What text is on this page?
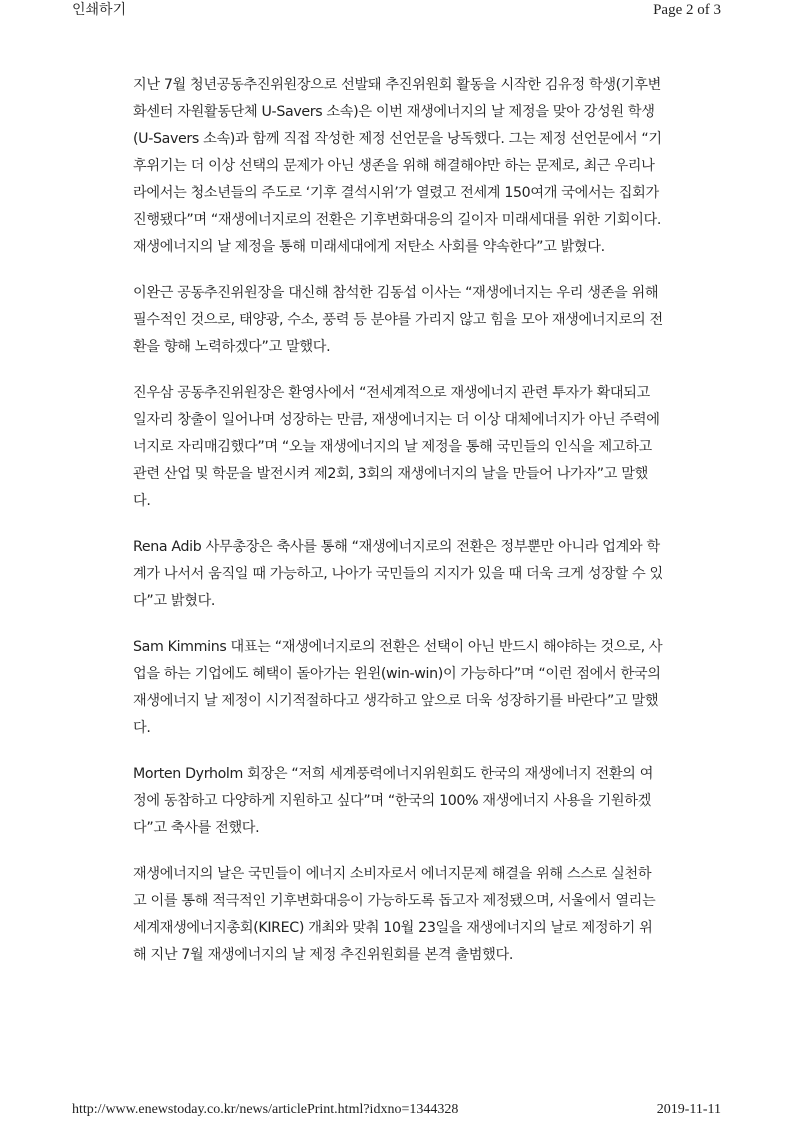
인쇄하기	Page 2 of 3

지난 7월 청년공동추진위원장으로 선발돼 추진위원회 활동을 시작한 김유정 학생(기후변화센터 자원활동단체 U-Savers 소속)은 이번 재생에너지의 날 제정을 맞아 강성원 학생(U-Savers 소속)과 함께 직접 작성한 제정 선언문을 낭독했다. 그는 제정 선언문에서 “기후위기는 더 이상 선택의 문제가 아닌 생존을 위해 해결해야만 하는 문제로, 최근 우리나라에서는 청소년들의 주도로 ‘기후 결석시위’가 열렸고 전세계 150여개 국에서는 집회가 진행됐다”며 “재생에너지로의 전환은 기후변화대응의 길이자 미래세대를 위한 기회이다. 재생에너지의 날 제정을 통해 미래세대에게 저탄소 사회를 약속한다”고 밝혔다.

이완근 공동추진위원장을 대신해 참석한 김동섭 이사는 “재생에너지는 우리 생존을 위해 필수적인 것으로, 태양광, 수소, 풍력 등 분야를 가리지 않고 힘을 모아 재생에너지로의 전환을 향해 노력하겠다”고 말했다.

진우삼 공동추진위원장은 환영사에서 “전세계적으로 재생에너지 관련 투자가 확대되고 일자리 창출이 일어나며 성장하는 만큼, 재생에너지는 더 이상 대체에너지가 아닌 주력에너지로 자리매김했다”며 “오늘 재생에너지의 날 제정을 통해 국민들의 인식을 제고하고 관련 산업 및 학문을 발전시켜 제2회, 3회의 재생에너지의 날을 만들어 나가자”고 말했다.

Rena Adib 사무총장은 축사를 통해 “재생에너지로의 전환은 정부뿐만 아니라 업계와 학계가 나서서 움직일 때 가능하고, 나아가 국민들의 지지가 있을 때 더욱 크게 성장할 수 있다”고 밝혔다.

Sam Kimmins 대표는 “재생에너지로의 전환은 선택이 아닌 반드시 해야하는 것으로, 사업을 하는 기업에도 혜택이 돌아가는 윈윈(win-win)이 가능하다”며 “이런 점에서 한국의 재생에너지 날 제정이 시기적절하다고 생각하고 앞으로 더욱 성장하기를 바란다”고 말했다.

Morten Dyrholm 회장은 “저희 세계풍력에너지위원회도 한국의 재생에너지 전환의 여정에 동참하고 다양하게 지원하고 싶다”며 “한국의 100% 재생에너지 사용을 기원하겠다”고 축사를 전했다.

재생에너지의 날은 국민들이 에너지 소비자로서 에너지문제 해결을 위해 스스로 실천하고 이를 통해 적극적인 기후변화대응이 가능하도록 돕고자 제정됐으며, 서울에서 열리는 세계재생에너지총회(KIREC) 개최와 맞춰 10월 23일을 재생에너지의 날로 제정하기 위해 지난 7월 재생에너지의 날 제정 추진위원회를 본격 출범했다.

http://www.enewstoday.co.kr/news/articlePrint.html?idxno=1344328	2019-11-11
